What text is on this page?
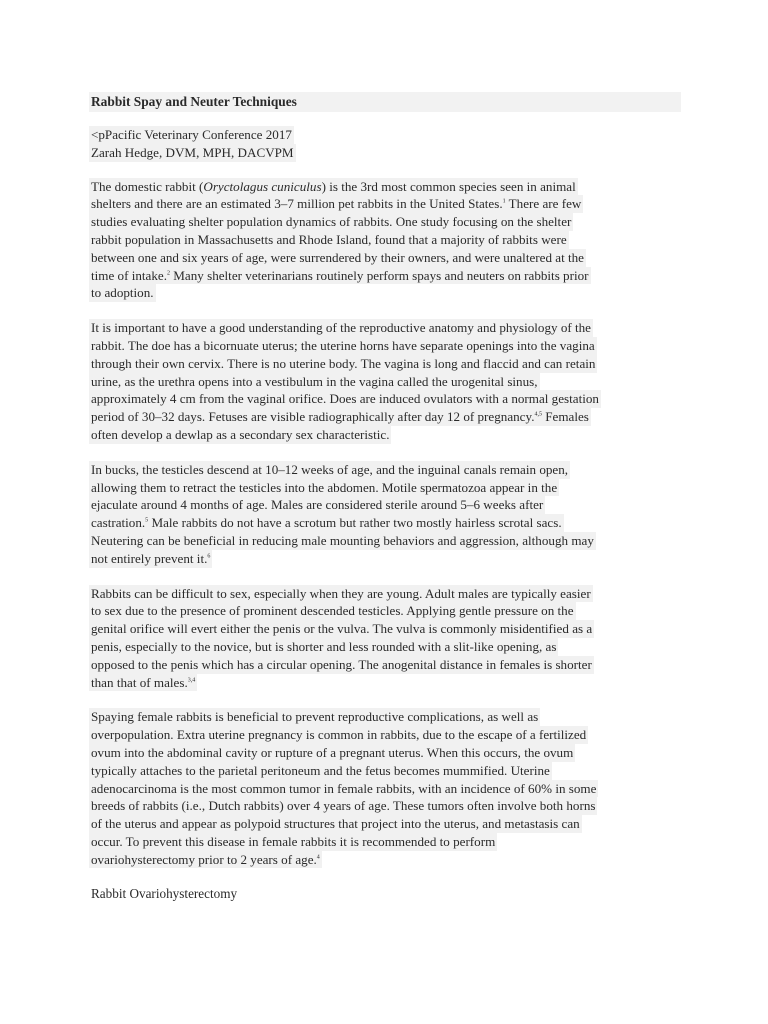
Rabbit Spay and Neuter Techniques
<pPacific Veterinary Conference 2017
Zarah Hedge, DVM, MPH, DACVPM
The domestic rabbit (Oryctolagus cuniculus) is the 3rd most common species seen in animal
shelters and there are an estimated 3–7 million pet rabbits in the United States.$^1$ There are few
studies evaluating shelter population dynamics of rabbits. One study focusing on the shelter
rabbit population in Massachusetts and Rhode Island, found that a majority of rabbits were
between one and six years of age, were surrendered by their owners, and were unaltered at the
time of intake.$^2$ Many shelter veterinarians routinely perform spays and neuters on rabbits prior
to adoption.
It is important to have a good understanding of the reproductive anatomy and physiology of the
rabbit. The doe has a bicornuate uterus; the uterine horns have separate openings into the vagina
through their own cervix. There is no uterine body. The vagina is long and flaccid and can retain
urine, as the urethra opens into a vestibulum in the vagina called the urogenital sinus,
approximately 4 cm from the vaginal orifice. Does are induced ovulators with a normal gestation
period of 30–32 days. Fetuses are visible radiographically after day 12 of pregnancy.$^{4,5}$ Females
often develop a dewlap as a secondary sex characteristic.
In bucks, the testicles descend at 10–12 weeks of age, and the inguinal canals remain open,
allowing them to retract the testicles into the abdomen. Motile spermatozoa appear in the
ejaculate around 4 months of age. Males are considered sterile around 5–6 weeks after
castration.$^5$ Male rabbits do not have a scrotum but rather two mostly hairless scrotal sacs.
Neutering can be beneficial in reducing male mounting behaviors and aggression, although may
not entirely prevent it.$^6$
Rabbits can be difficult to sex, especially when they are young. Adult males are typically easier
to sex due to the presence of prominent descended testicles. Applying gentle pressure on the
genital orifice will evert either the penis or the vulva. The vulva is commonly misidentified as a
penis, especially to the novice, but is shorter and less rounded with a slit-like opening, as
opposed to the penis which has a circular opening. The anogenital distance in females is shorter
than that of males.$^{3,4}$
Spaying female rabbits is beneficial to prevent reproductive complications, as well as
overpopulation. Extra uterine pregnancy is common in rabbits, due to the escape of a fertilized
ovum into the abdominal cavity or rupture of a pregnant uterus. When this occurs, the ovum
typically attaches to the parietal peritoneum and the fetus becomes mummified. Uterine
adenocarcinoma is the most common tumor in female rabbits, with an incidence of 60% in some
breeds of rabbits (i.e., Dutch rabbits) over 4 years of age. These tumors often involve both horns
of the uterus and appear as polypoid structures that project into the uterus, and metastasis can
occur. To prevent this disease in female rabbits it is recommended to perform
ovariohysterectomy prior to 2 years of age.$^4$
Rabbit Ovariohysterectomy
